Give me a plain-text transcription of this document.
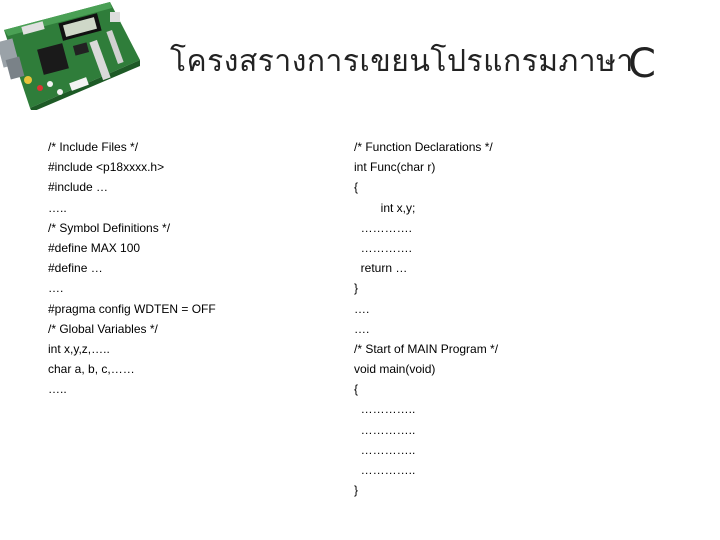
โครงสรางการเขยนโปรแกรมภาษา
C
/* Include Files */
#include <p18xxxx.h>
#include …
…..
/* Symbol Definitions */
#define MAX 100
#define …
….
#pragma config WDTEN = OFF
/* Global Variables */
int x,y,z,…..
char a, b, c,……
…..
/* Function Declarations */
int Func(char r)
{
int x,y;
………….
………….
return …
}
….
….
/* Start of MAIN Program */
void main(void)
{
…………..
…………..
…………..
…………..
}
